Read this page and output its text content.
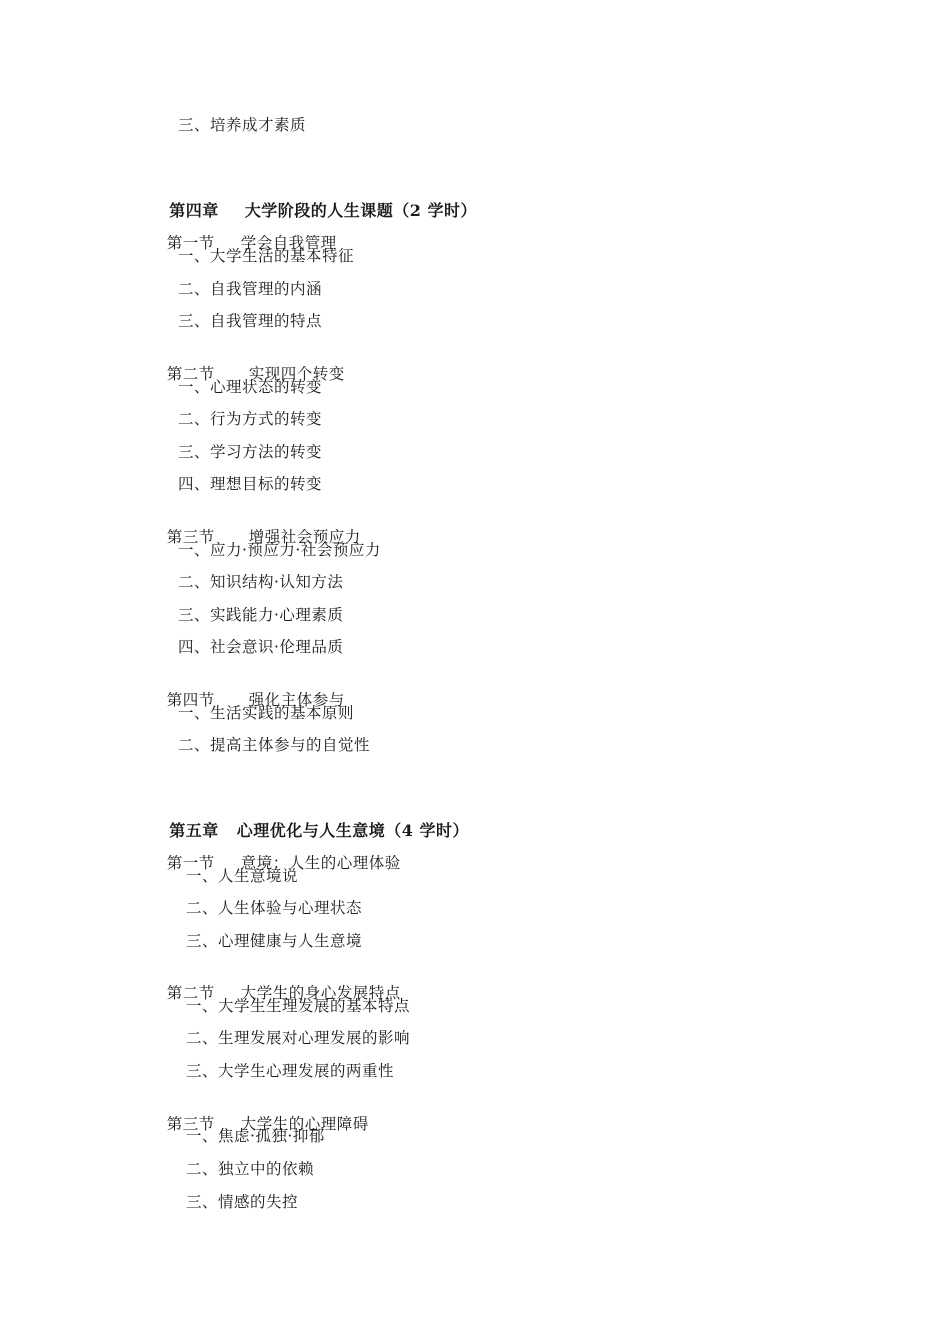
三、培养成才素质

第四章 大学阶段的人生课题（2 学时）

第一节 学会自我管理

一、大学生活的基本特征
二、自我管理的内涵
三、自我管理的特点

第二节 实现四个转变

一、心理状态的转变
二、行为方式的转变
三、学习方法的转变
四、理想目标的转变

第三节 增强社会预应力

一、应力·预应力·社会预应力
二、知识结构·认知方法
三、实践能力·心理素质
四、社会意识·伦理品质

第四节 强化主体参与

一、生活实践的基本原则
二、提高主体参与的自觉性

第五章 心理优化与人生意境（4 学时）

第一节 意境：人生的心理体验

一、人生意境说
二、人生体验与心理状态
三、心理健康与人生意境

第二节 大学生的身心发展特点

一、大学生生理发展的基本特点
二、生理发展对心理发展的影响
三、大学生心理发展的两重性

第三节 大学生的心理障碍

一、焦虑·孤独·抑郁
二、独立中的依赖
三、情感的失控
